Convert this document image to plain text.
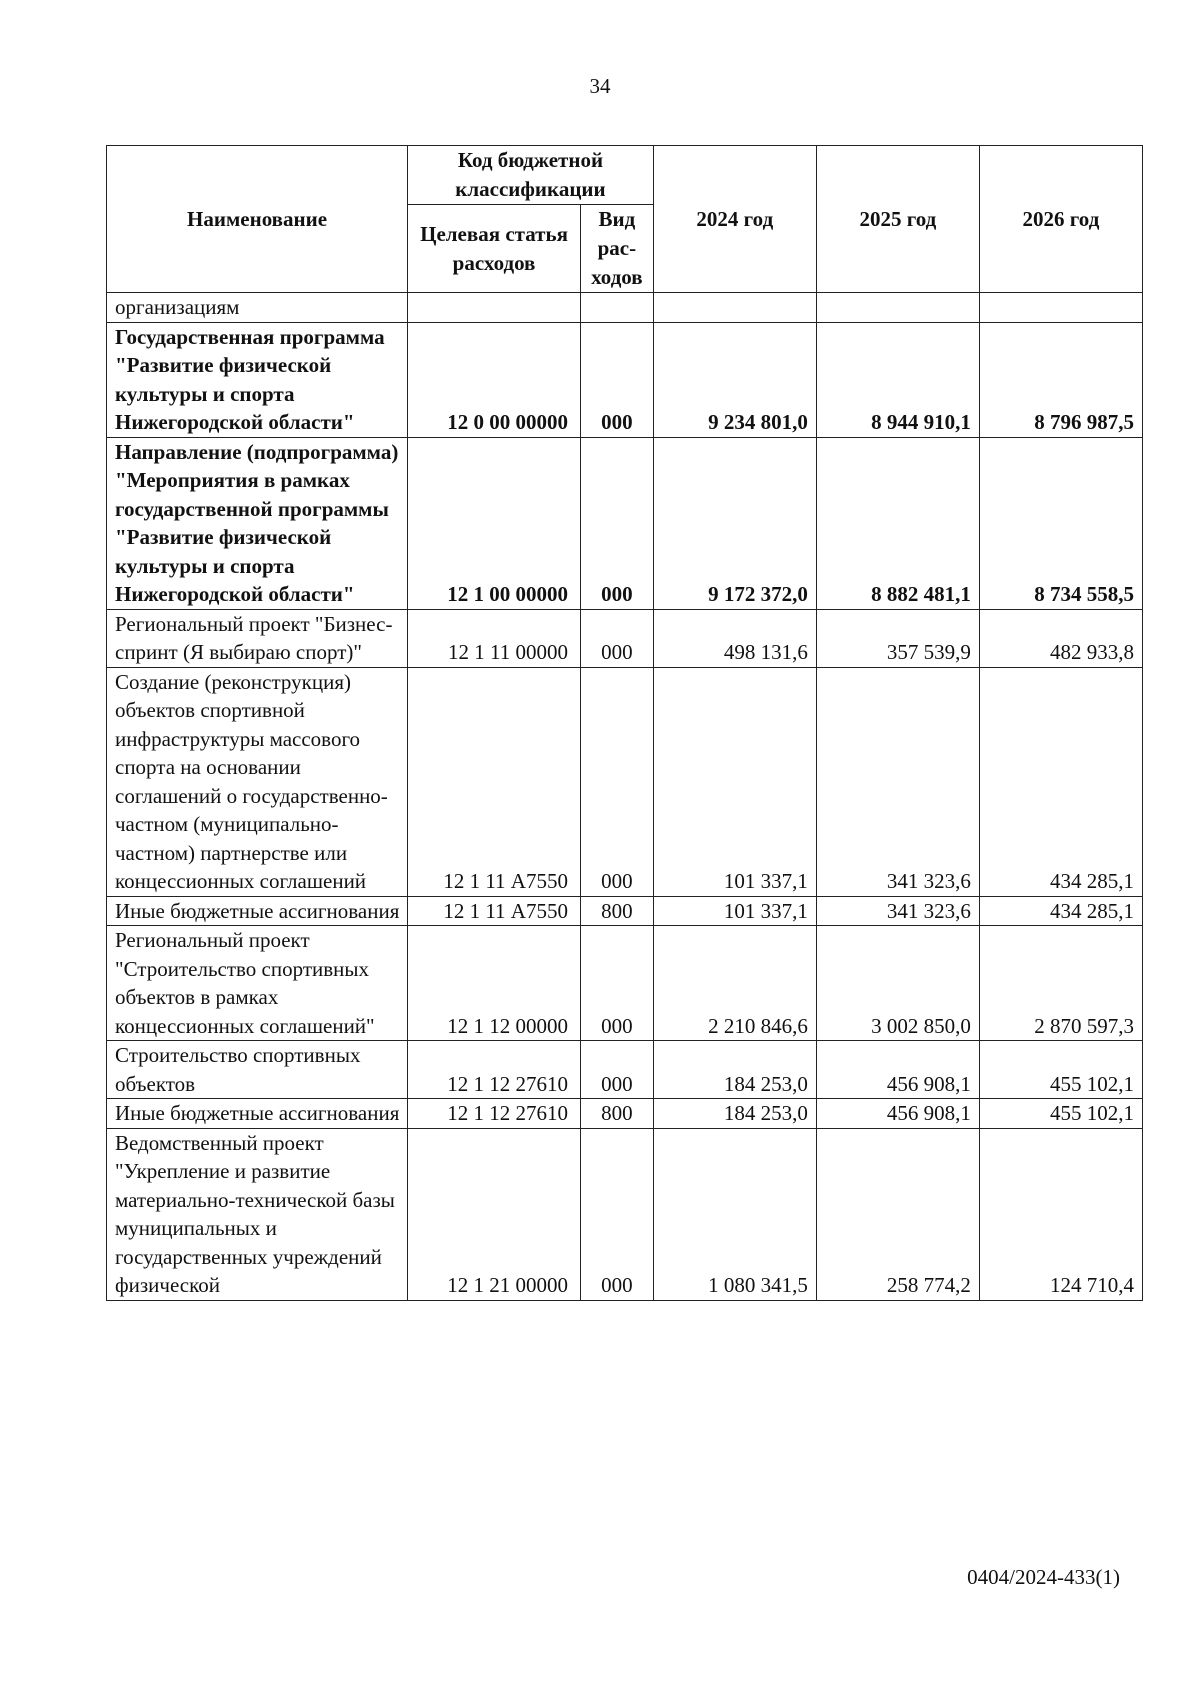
34
Наименование	Код бюджетной классификации		2024 год	2025 год	2026 год
	Целевая статья расходов	Вид рас-ходов			
организациям					
Государственная программа "Развитие физической культуры и спорта Нижегородской области"	12 0 00 00000	000	9 234 801,0	8 944 910,1	8 796 987,5
Направление (подпрограмма) "Мероприятия в рамках государственной программы "Развитие физической культуры и спорта Нижегородской области"	12 1 00 00000	000	9 172 372,0	8 882 481,1	8 734 558,5
Региональный проект "Бизнес-спринт (Я выбираю спорт)"	12 1 11 00000	000	498 131,6	357 539,9	482 933,8
Создание (реконструкция) объектов спортивной инфраструктуры массового спорта на основании соглашений о государственно-частном (муниципально-частном) партнерстве или концессионных соглашений	12 1 11 А7550	000	101 337,1	341 323,6	434 285,1
Иные бюджетные ассигнования	12 1 11 А7550	800	101 337,1	341 323,6	434 285,1
Региональный проект "Строительство спортивных объектов в рамках концессионных соглашений"	12 1 12 00000	000	2 210 846,6	3 002 850,0	2 870 597,3
Строительство спортивных объектов	12 1 12 27610	000	184 253,0	456 908,1	455 102,1
Иные бюджетные ассигнования	12 1 12 27610	800	184 253,0	456 908,1	455 102,1
Ведомственный проект "Укрепление и развитие материально-технической базы муниципальных и государственных учреждений физической	12 1 21 00000	000	1 080 341,5	258 774,2	124 710,4
0404/2024-433(1)
